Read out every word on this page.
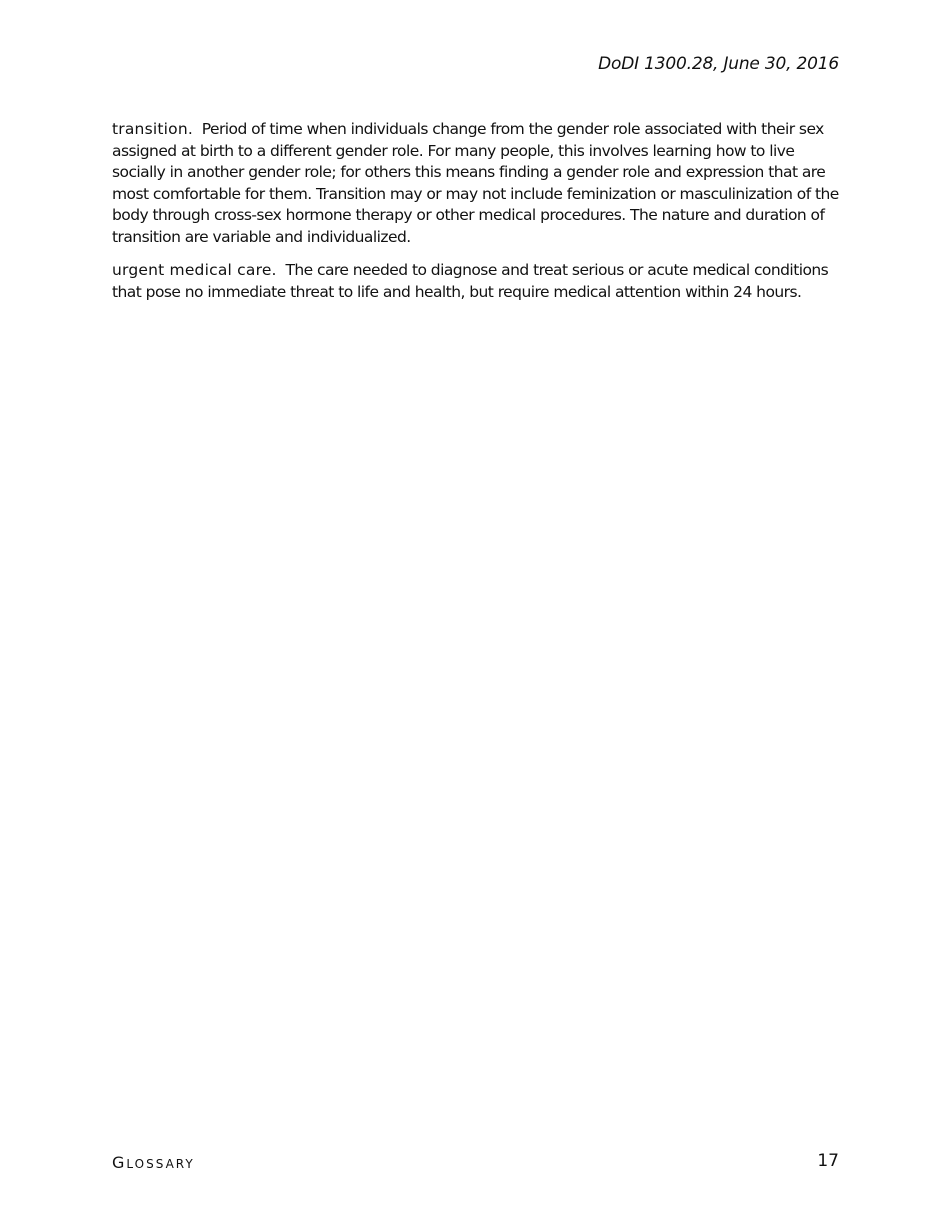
DoDI 1300.28, June 30, 2016

transition. Period of time when individuals change from the gender role associated with their sex assigned at birth to a different gender role. For many people, this involves learning how to live socially in another gender role; for others this means finding a gender role and expression that are most comfortable for them. Transition may or may not include feminization or masculinization of the body through cross-sex hormone therapy or other medical procedures. The nature and duration of transition are variable and individualized.

urgent medical care. The care needed to diagnose and treat serious or acute medical conditions that pose no immediate threat to life and health, but require medical attention within 24 hours.

GLOSSARY	17
